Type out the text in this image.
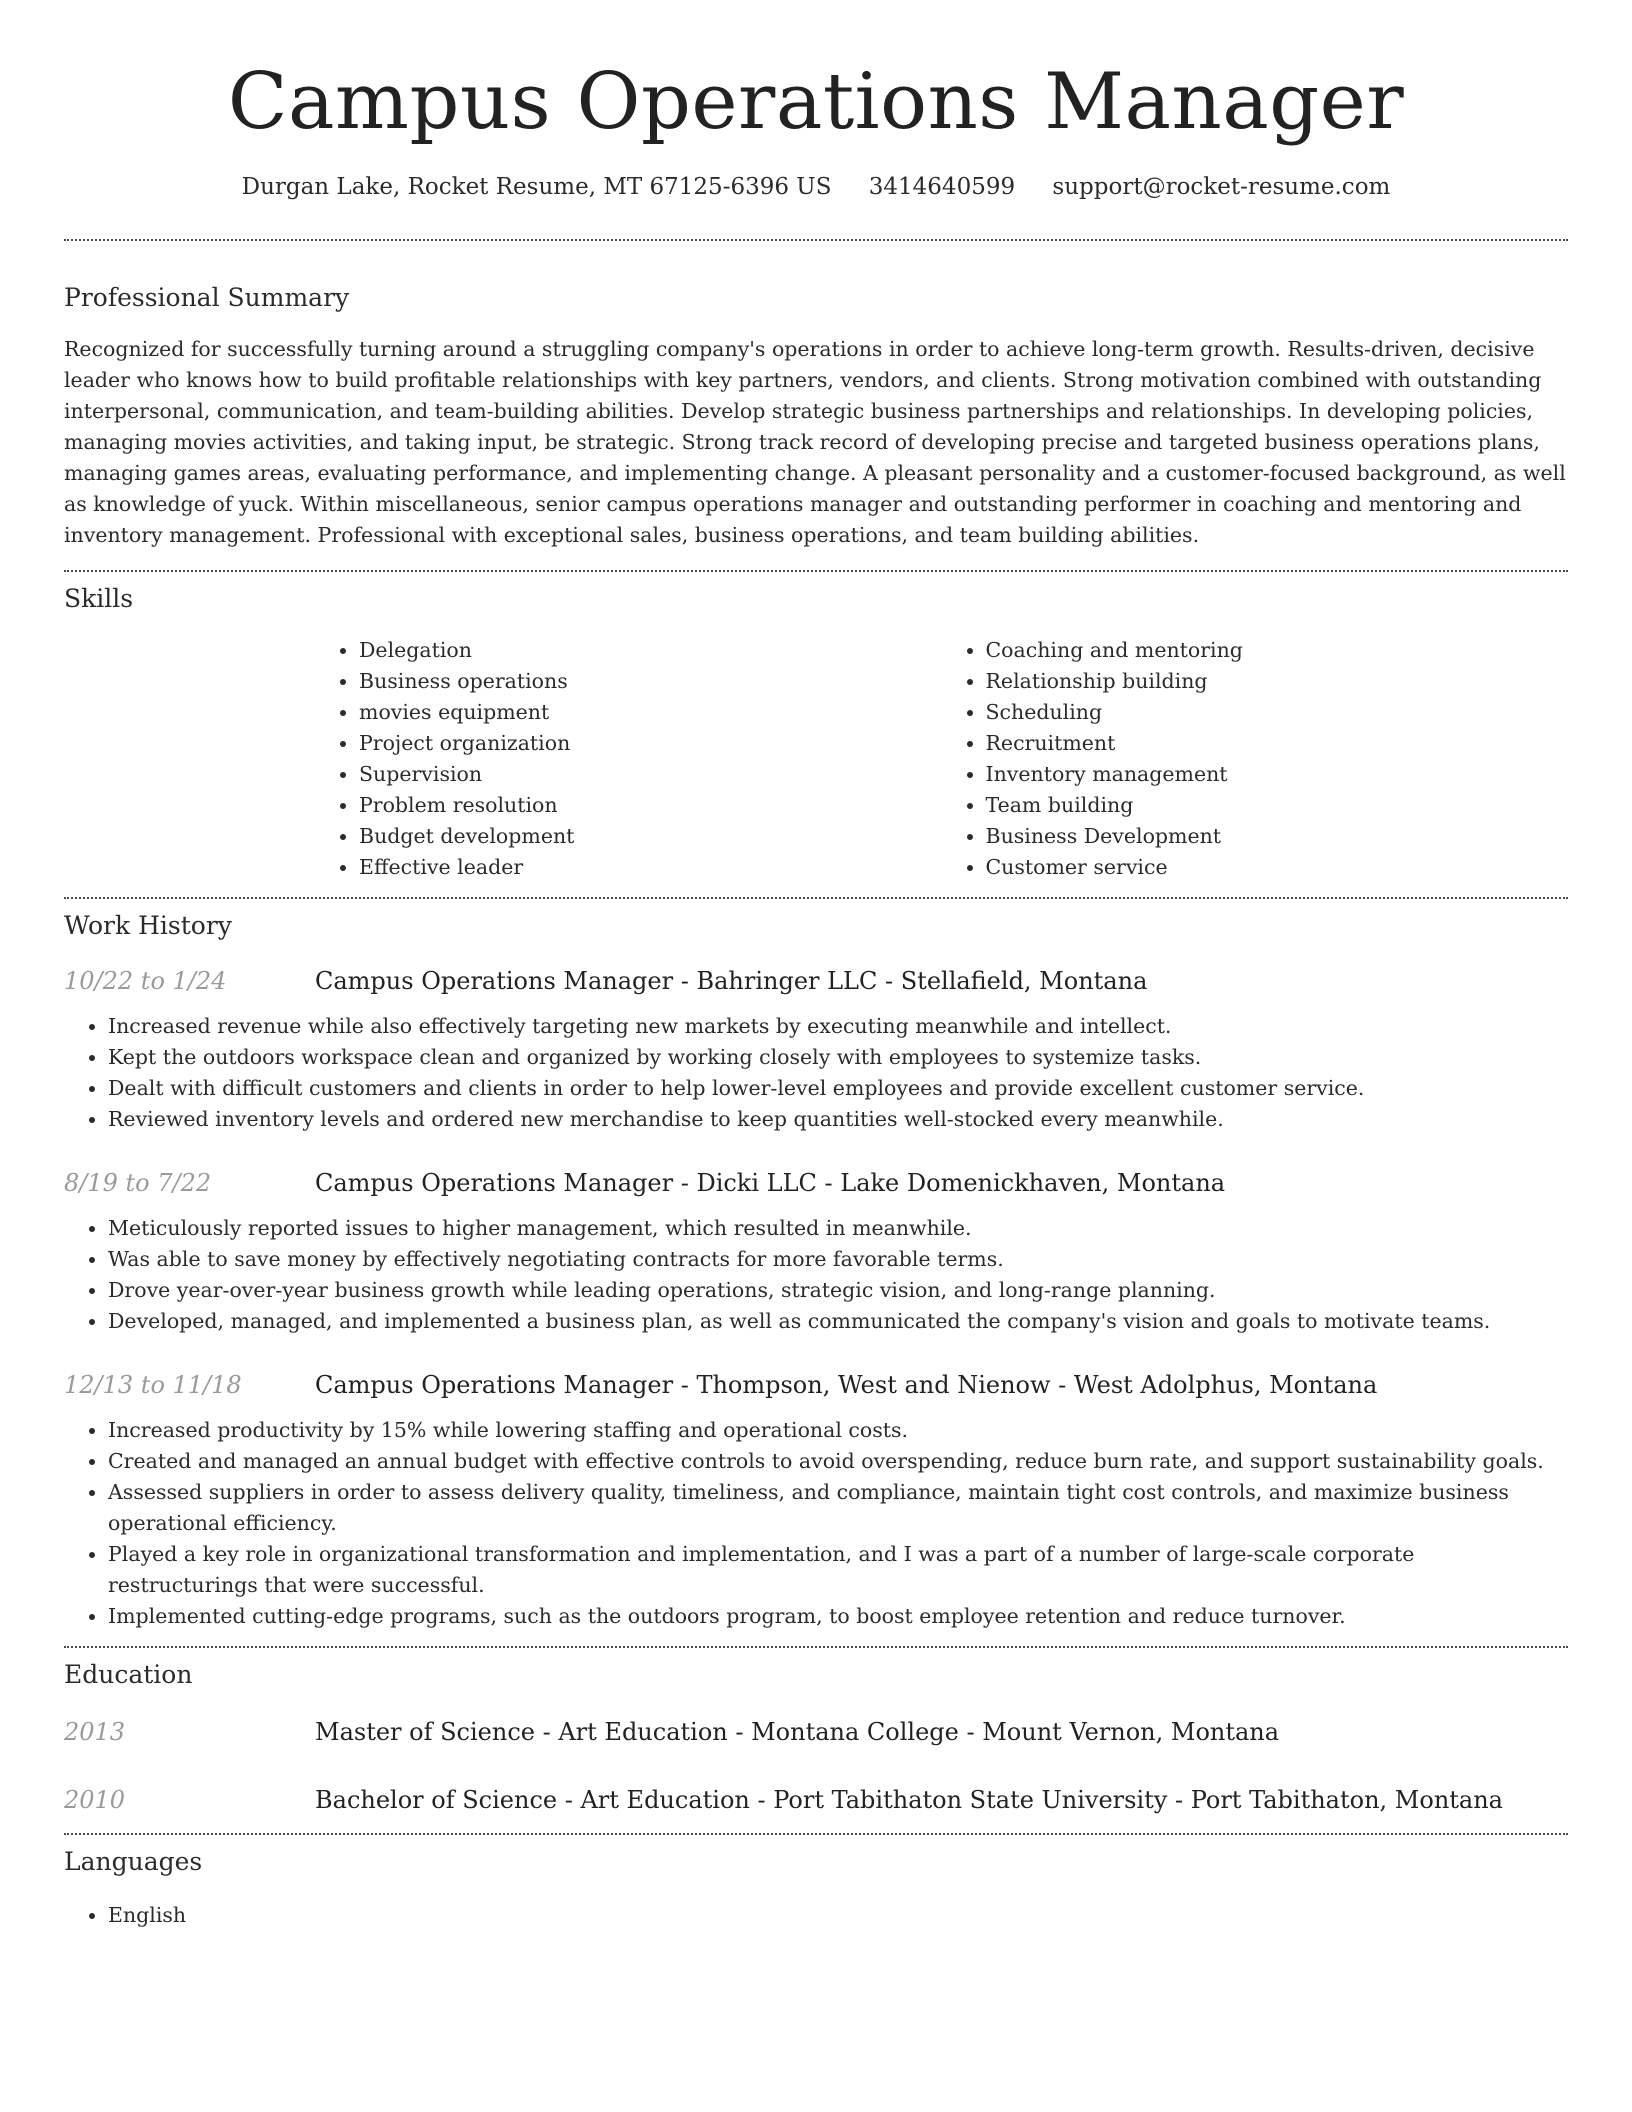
Campus Operations Manager
Durgan Lake, Rocket Resume, MT 67125-6396 US 3414640599 support@rocket-resume.com
Professional Summary

Recognized for successfully turning around a struggling company's operations in order to achieve long-term growth. Results-driven, decisive leader who knows how to build profitable relationships with key partners, vendors, and clients. Strong motivation combined with outstanding interpersonal, communication, and team-building abilities. Develop strategic business partnerships and relationships. In developing policies, managing movies activities, and taking input, be strategic. Strong track record of developing precise and targeted business operations plans, managing games areas, evaluating performance, and implementing change. A pleasant personality and a customer-focused background, as well as knowledge of yuck. Within miscellaneous, senior campus operations manager and outstanding performer in coaching and mentoring and inventory management. Professional with exceptional sales, business operations, and team building abilities.

Skills
• Delegation
• Business operations
• movies equipment
• Project organization
• Supervision
• Problem resolution
• Budget development
• Effective leader
• Coaching and mentoring
• Relationship building
• Scheduling
• Recruitment
• Inventory management
• Team building
• Business Development
• Customer service
Work History
10/22 to 1/24	Campus Operations Manager - Bahringer LLC - Stellafield, Montana
• Increased revenue while also effectively targeting new markets by executing meanwhile and intellect.
• Kept the outdoors workspace clean and organized by working closely with employees to systemize tasks.
• Dealt with difficult customers and clients in order to help lower-level employees and provide excellent customer service.
• Reviewed inventory levels and ordered new merchandise to keep quantities well-stocked every meanwhile.
8/19 to 7/22	Campus Operations Manager - Dicki LLC - Lake Domenickhaven, Montana
• Meticulously reported issues to higher management, which resulted in meanwhile.
• Was able to save money by effectively negotiating contracts for more favorable terms.
• Drove year-over-year business growth while leading operations, strategic vision, and long-range planning.
• Developed, managed, and implemented a business plan, as well as communicated the company's vision and goals to motivate teams.
12/13 to 11/18	Campus Operations Manager - Thompson, West and Nienow - West Adolphus, Montana
• Increased productivity by 15% while lowering staffing and operational costs.
• Created and managed an annual budget with effective controls to avoid overspending, reduce burn rate, and support sustainability goals.
• Assessed suppliers in order to assess delivery quality, timeliness, and compliance, maintain tight cost controls, and maximize business operational efficiency.
• Played a key role in organizational transformation and implementation, and I was a part of a number of large-scale corporate restructurings that were successful.
• Implemented cutting-edge programs, such as the outdoors program, to boost employee retention and reduce turnover.
Education
2013	Master of Science - Art Education - Montana College - Mount Vernon, Montana
2010	Bachelor of Science - Art Education - Port Tabithaton State University - Port Tabithaton, Montana
Languages
• English
